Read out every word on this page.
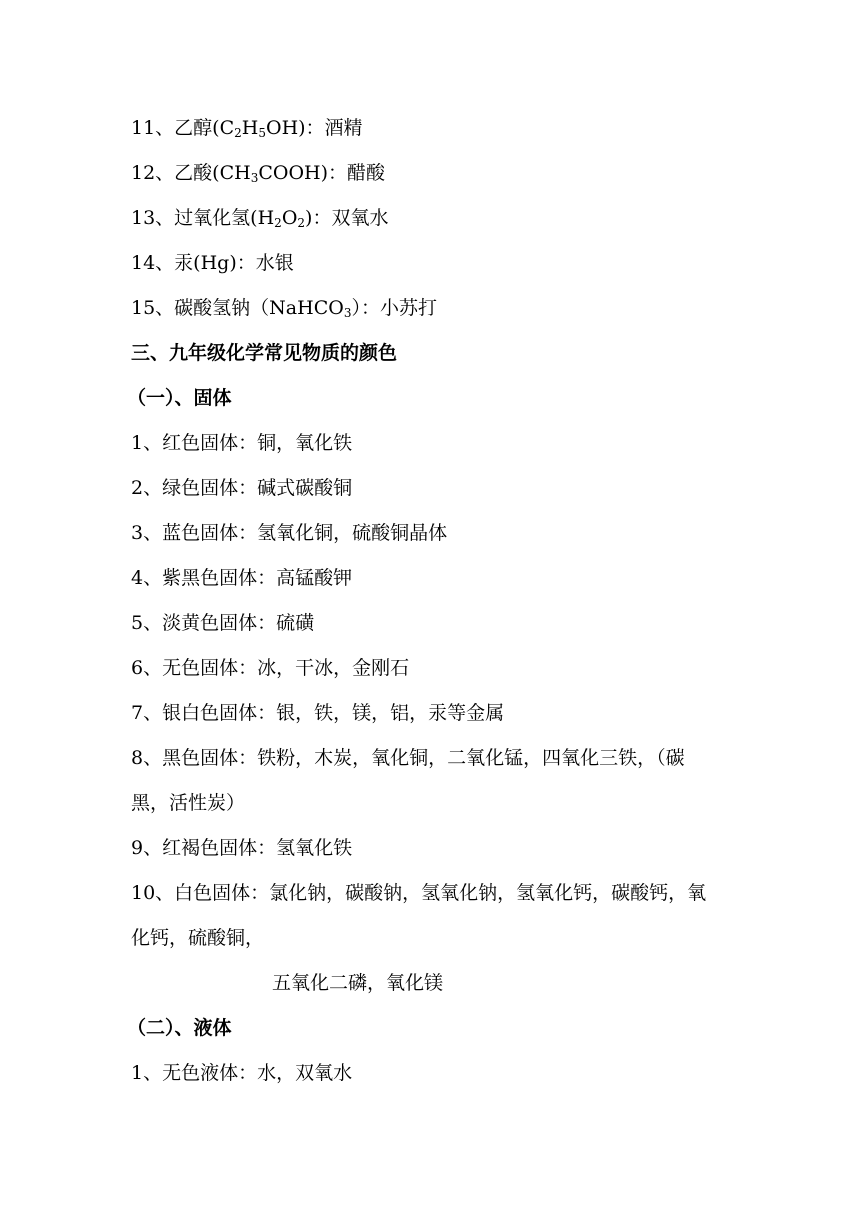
11、乙醇$(C_2H_5OH)$：酒精
12、乙酸$(CH_3COOH)$：醋酸
13、过氧化氢$(H_2O_2)$：双氧水
14、汞(Hg)：水银
15、碳酸氢钠（NaHCO$_3$）：小苏打
三、九年级化学常见物质的颜色
（一）、固体
1、红色固体：铜，氧化铁
2、绿色固体：碱式碳酸铜
3、蓝色固体：氢氧化铜，硫酸铜晶体
4、紫黑色固体：高锰酸钾
5、淡黄色固体：硫磺
6、无色固体：冰，干冰，金刚石
7、银白色固体：银，铁，镁，铝，汞等金属
8、黑色固体：铁粉，木炭，氧化铜，二氧化锰，四氧化三铁，（碳
黑，活性炭）
9、红褐色固体：氢氧化铁
10、白色固体：氯化钠，碳酸钠，氢氧化钠，氢氧化钙，碳酸钙，氧
化钙，硫酸铜，
五氧化二磷，氧化镁
（二）、液体
1、无色液体：水，双氧水
